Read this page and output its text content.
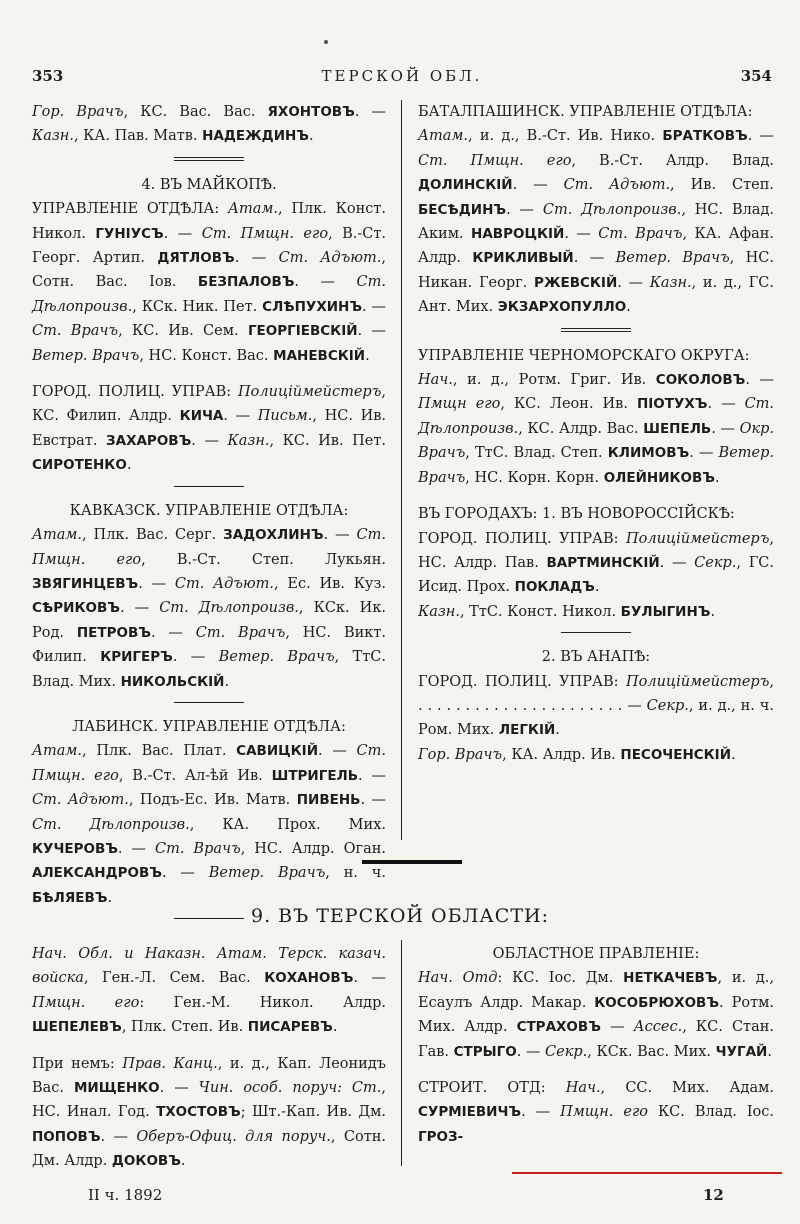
353	ТЕРСКОЙ ОБЛ.	354

Гор. Врачъ, КС. Вас. Вас. ЯХОНТОВЪ. — Казн., КА. Пав. Матв. НАДЕЖДИНЪ.

4. ВЪ МАЙКОПѢ.

УПРАВЛЕНІЕ ОТДѢЛА: Атам., Плк. Конст. Никол. ГУНІУСЪ. — Ст. Пмщн. его, В.-Ст. Георг. Артип. ДЯТЛОВЪ. — Ст. Адъют., Сотн. Вас. Іов. БЕЗПАЛОВЪ. — Ст. Дѣлопроизв., КСк. Ник. Пет. СЛѢПУХИНЪ. — Ст. Врачъ, КС. Ив. Сем. ГЕОРГІЕВСКІЙ. — Ветер. Врачъ, НС. Конст. Вас. МАНЕВСКІЙ.

ГОРОД. ПОЛИЦ. УПРАВ: Полиціймейстеръ, КС. Филип. Алдр. КИЧА. — Письм., НС. Ив. Евстрат. ЗАХАРОВЪ. — Казн., КС. Ив. Пет. СИРОТЕНКО.

КАВКАЗСК. УПРАВЛЕНІЕ ОТДѢЛА:

Атам., Плк. Вас. Серг. ЗАДОХЛИНЪ. — Ст. Пмщн. его, В.-Ст. Степ. Лукьян. ЗВЯГИНЦЕВЪ. — Ст. Адъют., Ес. Ив. Куз. СѢРИКОВЪ. — Ст. Дѣлопроизв., КСк. Ик. Род. ПЕТРОВЪ. — Ст. Врачъ, НС. Викт. Филип. КРИГЕРЪ. — Ветер. Врачъ, ТтС. Влад. Мих. НИКОЛЬСКІЙ.

ЛАБИНСК. УПРАВЛЕНІЕ ОТДѢЛА:

Атам., Плк. Вас. Плат. САВИЦКІЙ. — Ст. Пмщн. его, В.-Ст. Ал-ѣй Ив. ШТРИГЕЛЬ. — Ст. Адъют., Подъ-Ес. Ив. Матв. ПИВЕНЬ. — Ст. Дѣлопроизв., КА. Прох. Мих. КУЧЕРОВЪ. — Ст. Врачъ, НС. Алдр. Оган. АЛЕКСАНДРОВЪ. — Ветер. Врачъ, н. ч. БѢЛЯЕВЪ.

БАТАЛПАШИНСК. УПРАВЛЕНІЕ ОТДѢЛА:

Атам., и. д., В.-Ст. Ив. Нико. БРАТКОВЪ. — Ст. Пмщн. его, В.-Ст. Алдр. Влад. ДОЛИНСКІЙ. — Ст. Адъют., Ив. Степ. БЕСѢДИНЪ. — Ст. Дѣлопроизв., НС. Влад. Аким. НАВРОЦКІЙ. — Ст. Врачъ, КА. Афан. Алдр. КРИКЛИВЫЙ. — Ветер. Врачъ, НС. Никан. Георг. РЖЕВСКІЙ. — Казн., и. д., ГС. Ант. Мих. ЭКЗАРХОПУЛЛО.

УПРАВЛЕНІЕ ЧЕРНОМОРСКАГО ОКРУГА:

Нач., и. д., Ротм. Григ. Ив. СОКОЛОВЪ. — Пмщн его, КС. Леон. Ив. ПІОТУХЪ. — Ст. Дѣлопроизв., КС. Алдр. Вас. ШЕПЕЛЬ. — Окр. Врачъ, ТтС. Влад. Степ. КЛИМОВЪ. — Ветер. Врачъ, НС. Корн. Корн. ОЛЕЙНИКОВЪ.

ВЪ ГОРОДАХЪ: 1. ВЪ НОВОРОССІЙСКѢ:

ГОРОД. ПОЛИЦ. УПРАВ: Полиціймейстеръ, НС. Алдр. Пав. ВАРТМИНСКІЙ. — Секр., ГС. Исид. Прох. ПОКЛАДЪ.

Казн., ТтС. Конст. Никол. БУЛЫГИНЪ.

2. ВЪ АНАПѢ:

ГОРОД. ПОЛИЦ. УПРАВ: Полиціймейстеръ, . . . . . . . . . . . . . . . . . . . . . . — Секр., и. д., н. ч. Ром. Мих. ЛЕГКІЙ.

Гор. Врачъ, КА. Алдр. Ив. ПЕСОЧЕНСКІЙ.

9. ВЪ ТЕРСКОЙ ОБЛАСТИ:

Нач. Обл. и Наказн. Атам. Терск. казач. войска, Ген.-Л. Сем. Вас. КОХАНОВЪ. — Пмщн. его: Ген.-М. Никол. Алдр. ШЕПЕЛЕВЪ, Плк. Степ. Ив. ПИСАРЕВЪ.

При немъ: Прав. Канц., и. д., Кап. Леонидъ Вас. МИЩЕНКО. — Чин. особ. поруч: Ст., НС. Инал. Год. ТХОСТОВЪ; Шт.-Кап. Ив. Дм. ПОПОВЪ. — Оберъ-Офиц. для поруч., Сотн. Дм. Алдр. ДОКОВЪ.

ОБЛАСТНОЕ ПРАВЛЕНІЕ:

Нач. Отд: КС. Іос. Дм. НЕТКАЧЕВЪ, и. д., Есаулъ Алдр. Макар. КОСОБРЮХОВЪ. Ротм. Мих. Алдр. СТРАХОВЪ — Ассес., КС. Стан. Гав. СТРЫГО. — Секр., КСк. Вас. Мих. ЧУГАЙ.

СТРОИТ. ОТД: Нач., СС. Мих. Адам. СУРМІЕВИЧЪ. — Пмщн. его КС. Влад. Іос. ГРОЗ-

II ч. 1892	12
